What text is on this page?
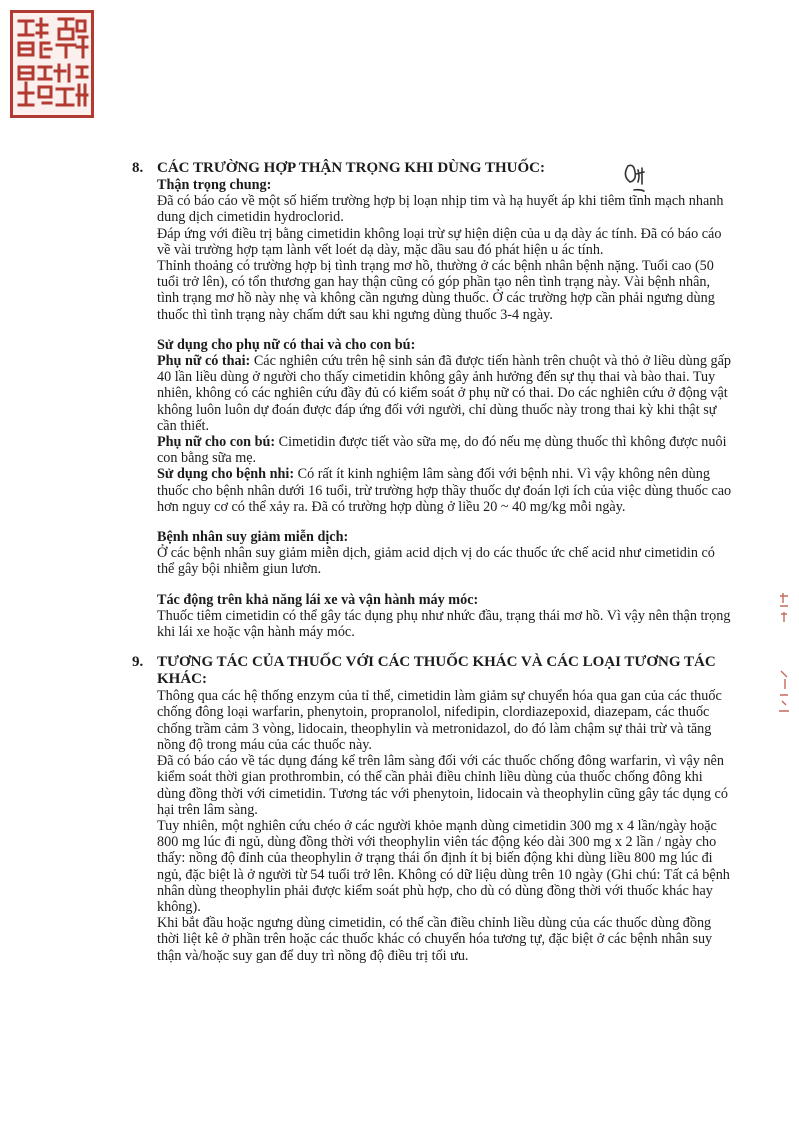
8. CÁC TRƯỜNG HỢP THẬN TRỌNG KHI DÙNG THUỐC:
Thận trọng chung:

Đã có báo cáo về một số hiếm trường hợp bị loạn nhịp tim và hạ huyết áp khi tiêm tĩnh mạch nhanh dung dịch cimetidin hydroclorid.

Đáp ứng với điều trị bằng cimetidin không loại trừ sự hiện diện của u dạ dày ác tính. Đã có báo cáo về vài trường hợp tạm lành vết loét dạ dày, mặc dầu sau đó phát hiện u ác tính.

Thỉnh thoảng có trường hợp bị tình trạng mơ hồ, thường ở các bệnh nhân bệnh nặng. Tuổi cao (50 tuổi trở lên), có tổn thương gan hay thận cũng có góp phần tạo nên tình trạng này. Vài bệnh nhân, tình trạng mơ hồ này nhẹ và không cần ngưng dùng thuốc. Ở các trường hợp cần phải ngưng dùng thuốc thì tình trạng này chấm dứt sau khi ngưng dùng thuốc 3-4 ngày.

Sử dụng cho phụ nữ có thai và cho con bú:

Phụ nữ có thai: Các nghiên cứu trên hệ sinh sản đã được tiến hành trên chuột và thỏ ở liều dùng gấp 40 lần liều dùng ở người cho thấy cimetidin không gây ảnh hưởng đến sự thụ thai và bào thai. Tuy nhiên, không có các nghiên cứu đầy đủ có kiểm soát ở phụ nữ có thai. Do các nghiên cứu ở động vật không luôn luôn dự đoán được đáp ứng đối với người, chỉ dùng thuốc này trong thai kỳ khi thật sự cần thiết.

Phụ nữ cho con bú: Cimetidin được tiết vào sữa mẹ, do đó nếu mẹ dùng thuốc thì không được nuôi con bằng sữa mẹ.

Sử dụng cho bệnh nhi: Có rất ít kinh nghiệm lâm sàng đối với bệnh nhi. Vì vậy không nên dùng thuốc cho bệnh nhân dưới 16 tuổi, trừ trường hợp thầy thuốc dự đoán lợi ích của việc dùng thuốc cao hơn nguy cơ có thể xảy ra. Đã có trường hợp dùng ở liều 20 ~ 40 mg/kg mỗi ngày.

Bệnh nhân suy giảm miễn dịch:

Ở các bệnh nhân suy giảm miễn dịch, giảm acid dịch vị do các thuốc ức chế acid như cimetidin có thể gây bội nhiễm giun lươn.

Tác động trên khả năng lái xe và vận hành máy móc:

Thuốc tiêm cimetidin có thể gây tác dụng phụ như nhức đầu, trạng thái mơ hồ. Vì vậy nên thận trọng khi lái xe hoặc vận hành máy móc.

9. TƯƠNG TÁC CỦA THUỐC VỚI CÁC THUỐC KHÁC VÀ CÁC LOẠI TƯƠNG TÁC KHÁC:

Thông qua các hệ thống enzym của tỉ thể, cimetidin làm giảm sự chuyển hóa qua gan của các thuốc chống đông loại warfarin, phenytoin, propranolol, nifedipin, clordiazepoxid, diazepam, các thuốc chống trầm cảm 3 vòng, lidocain, theophylin và metronidazol, do đó làm chậm sự thải trừ và tăng nồng độ trong máu của các thuốc này.

Đã có báo cáo về tác dụng đáng kể trên lâm sàng đối với các thuốc chống đông warfarin, vì vậy nên kiểm soát thời gian prothrombin, có thể cần phải điều chỉnh liều dùng của thuốc chống đông khi dùng đồng thời với cimetidin. Tương tác với phenytoin, lidocain và theophylin cũng gây tác dụng có hại trên lâm sàng.

Tuy nhiên, một nghiên cứu chéo ở các người khỏe mạnh dùng cimetidin 300 mg x 4 lần/ngày hoặc 800 mg lúc đi ngủ, dùng đồng thời với theophylin viên tác động kéo dài 300 mg x 2 lần / ngày cho thấy: nồng độ đỉnh của theophylin ở trạng thái ổn định ít bị biến động khi dùng liều 800 mg lúc đi ngủ, đặc biệt là ở người từ 54 tuổi trở lên. Không có dữ liệu dùng trên 10 ngày (Ghi chú: Tất cả bệnh nhân dùng theophylin phải được kiểm soát phù hợp, cho dù có dùng đồng thời với thuốc khác hay không).

Khi bắt đầu hoặc ngưng dùng cimetidin, có thể cần điều chỉnh liều dùng của các thuốc dùng đồng thời liệt kê ở phần trên hoặc các thuốc khác có chuyển hóa tương tự, đặc biệt ở các bệnh nhân suy thận và/hoặc suy gan để duy trì nồng độ điều trị tối ưu.
